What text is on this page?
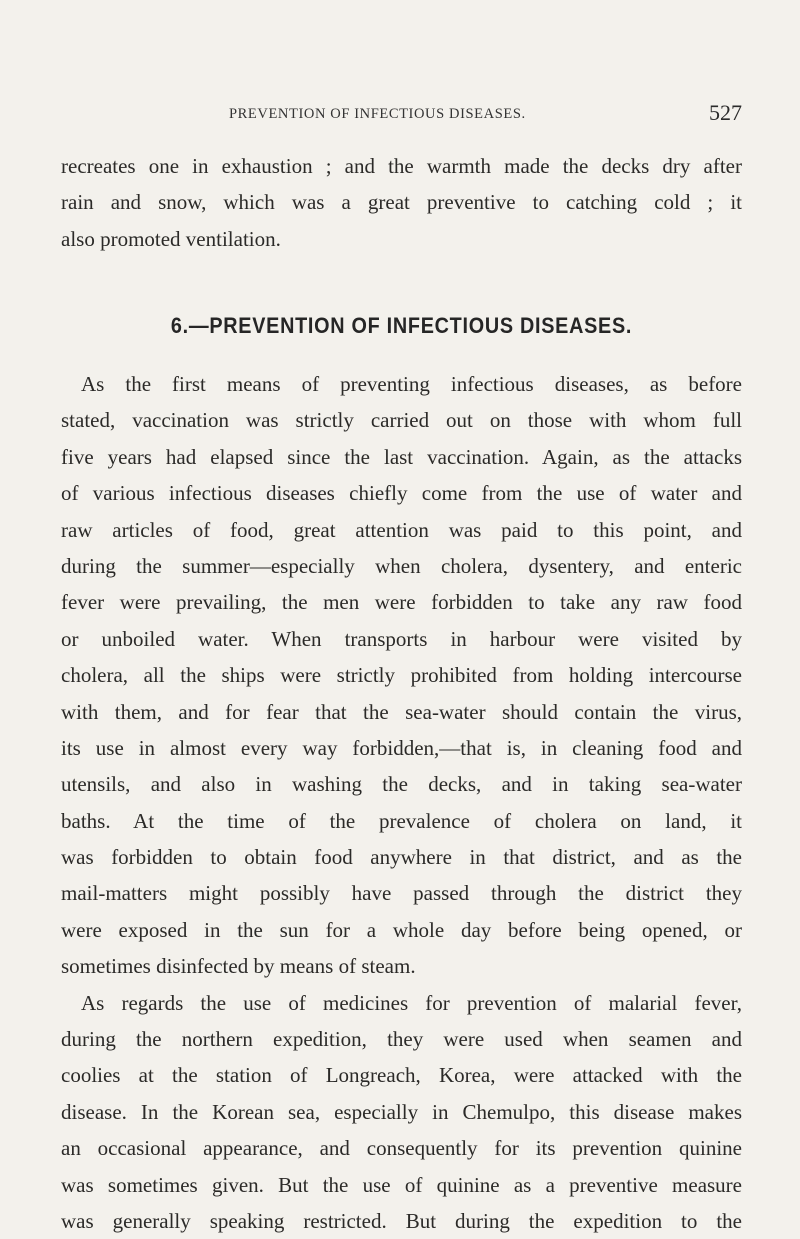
PREVENTION OF INFECTIOUS DISEASES.	527
recreates one in exhaustion ; and the warmth made the decks dry after
rain and snow, which was a great preventive to catching cold ; it
also promoted ventilation.
6.—PREVENTION OF INFECTIOUS DISEASES.
As the first means of preventing infectious diseases, as before
stated, vaccination was strictly carried out on those with whom full
five years had elapsed since the last vaccination. Again, as the attacks
of various infectious diseases chiefly come from the use of water and
raw articles of food, great attention was paid to this point, and
during the summer—especially when cholera, dysentery, and enteric
fever were prevailing, the men were forbidden to take any raw food
or unboiled water. When transports in harbour were visited by
cholera, all the ships were strictly prohibited from holding intercourse
with them, and for fear that the sea-water should contain the virus,
its use in almost every way forbidden,—that is, in cleaning food and
utensils, and also in washing the decks, and in taking sea-water
baths. At the time of the prevalence of cholera on land, it
was forbidden to obtain food anywhere in that district, and as the
mail-matters might possibly have passed through the district they
were exposed in the sun for a whole day before being opened, or
sometimes disinfected by means of steam.
As regards the use of medicines for prevention of malarial fever,
during the northern expedition, they were used when seamen and
coolies at the station of Longreach, Korea, were attacked with the
disease. In the Korean sea, especially in Chemulpo, this disease makes
an occasional appearance, and consequently for its prevention quinine
was sometimes given. But the use of quinine as a preventive measure
was generally speaking restricted. But during the expedition to the
